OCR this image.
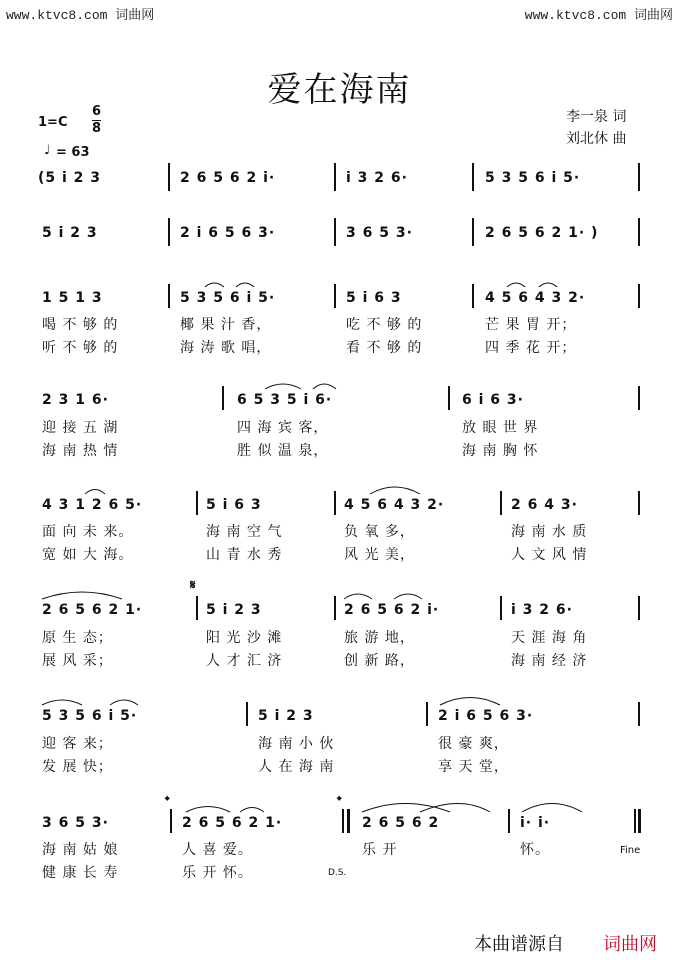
www.ktvc8.com 词曲网	www.ktvc8.com 词曲网
爱在海南
李一泉 词
刘北休 曲
1=C
6
8
♩ = 63
(5 i 2 3	2 6 5 6 2 i·	i 3 2 6·	5 3 5 6 i 5·
5 i 2 3	2 i 6 5 6 3·	3 6 5 3·	2 6 5 6 2 1· )
1 5 1 3	5 3 5 6 i 5·	5 i 6 3	4 5 6 4 3 2·
喝 不 够 的	椰 果 汁 香，	吃 不 够 的	芒 果 胃 开；
听 不 够 的	海 涛 歌 唱，	看 不 够 的	四 季 花 开；
2 3 1 6·	6 5 3 5 i 6·	6 i 6 3·
迎 接 五 湖	四 海 宾 客，	放 眼 世 界
海 南 热 情	胜 似 温 泉，	海 南 胸 怀
4 3 1 2 6 5·	5 i 6 3	4 5 6 4 3 2·	2 6 4 3·
面 向 未 来。	海 南 空 气	负 氧 多，	海 南 水 质
宽 如 大 海。	山 青 水 秀	风 光 美，	人 文 风 情
𝄋
2 6 5 6 2 1·	5 i 2 3	2 6 5 6 2 i·	i 3 2 6·
原 生 态；	阳 光 沙 滩	旅 游 地，	天 涯 海 角
展 风 采；	人 才 汇 济	创 新 路，	海 南 经 济
5 3 5 6 i 5·	5 i 2 3	2 i 6 5 6 3·
迎 客 来；	海 南 小 伙	很 豪 爽，
发 展 快；	人 在 海 南	享 天 堂，
𝄌	𝄌
3 6 5 3·	2 6 5 6 2 1·	2 6 5 6 2	i· i·
海 南 姑 娘	人 喜 爱。	乐 开	怀。	Fine
健 康 长 寿	乐 开 怀。	D.S.
本曲谱源自 词曲网
